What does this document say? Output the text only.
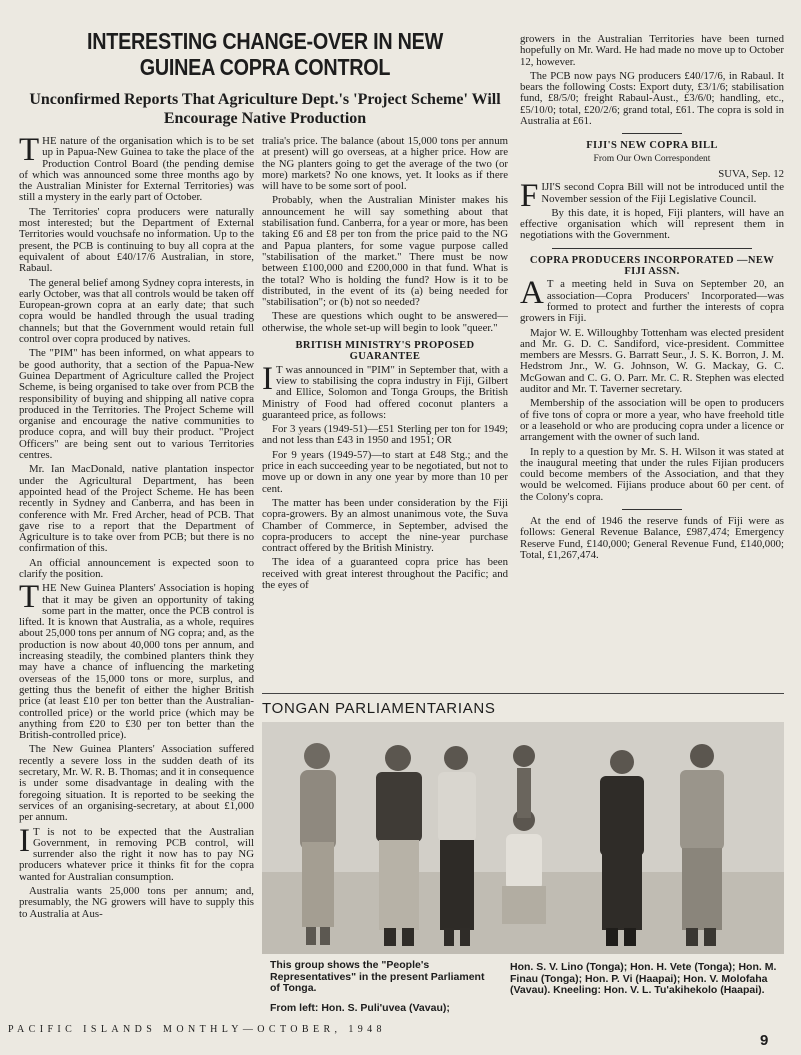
INTERESTING CHANGE-OVER IN NEW GUINEA COPRA CONTROL
Unconfirmed Reports That Agriculture Dept.'s 'Project Scheme' Will Encourage Native Production

THE nature of the organisation which is to be set up in Papua-New Guinea to take the place of the Production Control Board (the pending demise of which was announced some three months ago by the Australian Minister for External Territories) was still a mystery in the early part of October.

The Territories' copra producers were naturally most interested; but the Department of External Territories would vouchsafe no information. Up to the present, the PCB is continuing to buy all copra at the equivalent of about £40/17/6 Australian, in store, Rabaul.

The general belief among Sydney copra interests, in early October, was that all controls would be taken off European-grown copra at an early date; that such copra would be handled through the usual trading channels; but that the Government would retain full control over copra produced by natives.

The "PIM" has been informed, on what appears to be good authority, that a section of the Papua-New Guinea Department of Agriculture called the Project Scheme, is being organised to take over from PCB the responsibility of buying and shipping all native copra produced in the Territories. The Project Scheme will organise and encourage the native communities to produce copra, and will buy their product. "Project Officers" are being sent out to various Territories centres.

Mr. Ian MacDonald, native plantation inspector under the Agricultural Department, has been appointed head of the Project Scheme. He has been recently in Sydney and Canberra, and has been in conference with Mr. Fred Archer, head of PCB. That gave rise to a report that the Department of Agriculture is to take over from PCB; but there is no confirmation of this.

An official announcement is expected soon to clarify the position.

THE New Guinea Planters' Association is hoping that it may be given an opportunity of taking some part in the matter, once the PCB control is lifted. It is known that Australia, as a whole, requires about 25,000 tons per annum of NG copra; and, as the production is now about 40,000 tons per annum, and increasing steadily, the combined planters think they may have a chance of influencing the marketing overseas of the 15,000 tons or more, surplus, and getting thus the benefit of either the higher British price (at least £10 per ton better than the Australian-controlled price) or the world price (which may be anything from £20 to £30 per ton better than the British-controlled price).

The New Guinea Planters' Association suffered recently a severe loss in the sudden death of its secretary, Mr. W. R. B. Thomas; and it in consequence is under some disadvantage in dealing with the foregoing situation. It is reported to be seeking the services of an organising-secretary, at about £1,000 per annum.

I T is not to be expected that the Australian Government, in removing PCB control, will surrender also the right it now has to pay NG producers whatever price it thinks fit for the copra wanted for Australian consumption.

Australia wants 25,000 tons per annum; and, presumably, the NG growers will have to supply this to Australia at Aus-

tralia's price. The balance (about 15,000 tons per annum at present) will go overseas, at a higher price. How are the NG planters going to get the average of the two (or more) markets? No one knows, yet. It looks as if there will have to be some sort of pool.

Probably, when the Australian Minister makes his announcement he will say something about that stabilisation fund. Canberra, for a year or more, has been taking £6 and £8 per ton from the price paid to the NG and Papua planters, for some vague purpose called "stabilisation of the market." There must be now between £100,000 and £200,000 in that fund. What is the total? Who is holding the fund? How is it to be distributed, in the event of its (a) being needed for "stabilisation"; or (b) not so needed?

These are questions which ought to be answered—otherwise, the whole set-up will begin to look "queer."

BRITISH MINISTRY'S PROPOSED GUARANTEE

I T was announced in "PIM" in September that, with a view to stabilising the copra industry in Fiji, Gilbert and Ellice, Solomon and Tonga Groups, the British Ministry of Food had offered coconut planters a guaranteed price, as follows:

For 3 years (1949-51)—£51 Sterling per ton for 1949; and not less than £43 in 1950 and 1951; OR

For 9 years (1949-57)—to start at £48 Stg.; and the price in each succeeding year to be negotiated, but not to move up or down in any one year by more than 10 per cent.

The matter has been under consideration by the Fiji copra-growers. By an almost unanimous vote, the Suva Chamber of Commerce, in September, advised the copra-producers to accept the nine-year purchase contract offered by the British Ministry.

The idea of a guaranteed copra price has been received with great interest throughout the Pacific; and the eyes of

growers in the Australian Territories have been turned hopefully on Mr. Ward. He had made no move up to October 12, however.

The PCB now pays NG producers £40/17/6, in Rabaul. It bears the following Costs: Export duty, £3/1/6; stabilisation fund, £8/5/0; freight Rabaul-Aust., £3/6/0; handling, etc., £5/10/0; total, £20/2/6; grand total, £61. The copra is sold in Australia at £61.

FIJI'S NEW COPRA BILL
From Our Own Correspondent
SUVA, Sep. 12

FIJI'S second Copra Bill will not be introduced until the November session of the Fiji Legislative Council.

By this date, it is hoped, Fiji planters, will have an effective organisation which will represent them in negotiations with the Government.

COPRA PRODUCERS INCORPORATED —NEW FIJI ASSN.

A T a meeting held in Suva on September 20, an association—Copra Producers' Incorporated—was formed to protect and further the interests of copra growers in Fiji.

Major W. E. Willoughby Tottenham was elected president and Mr. G. D. C. Sandiford, vice-president. Committee members are Messrs. G. Barratt Seur., J. S. K. Borron, J. M. Hedstrom Jnr., W. G. Johnson, W. G. Mackay, G. C. McGowan and C. G. O. Parr. Mr. C. R. Stephen was elected auditor and Mr. T. Taverner secretary.

Membership of the association will be open to producers of five tons of copra or more a year, who have freehold title or a leasehold or who are producing copra under a licence or arrangement with the owner of such land.

In reply to a question by Mr. S. H. Wilson it was stated at the inaugural meeting that under the rules Fijian producers could become members of the Association, and that they would be welcomed. Fijians produce about 60 per cent. of the Colony's copra.

At the end of 1946 the reserve funds of Fiji were as follows: General Revenue Balance, £987,474; Emergency Reserve Fund, £140,000; General Revenue Fund, £140,000; Total, £1,267,474.

TONGAN PARLIAMENTARIANS
This group shows the "People's Representatives" in the present Parliament of Tonga.
From left: Hon. S. Puli'uvea (Vavau);
Hon. S. V. Lino (Tonga); Hon. H. Vete (Tonga); Hon. M. Finau (Tonga); Hon. P. Vi (Haapai); Hon. V. Molofaha (Vavau). Kneeling: Hon. V. L. Tu'akihekolo (Haapai).
PACIFIC ISLANDS MONTHLY—OCTOBER, 1948
9
